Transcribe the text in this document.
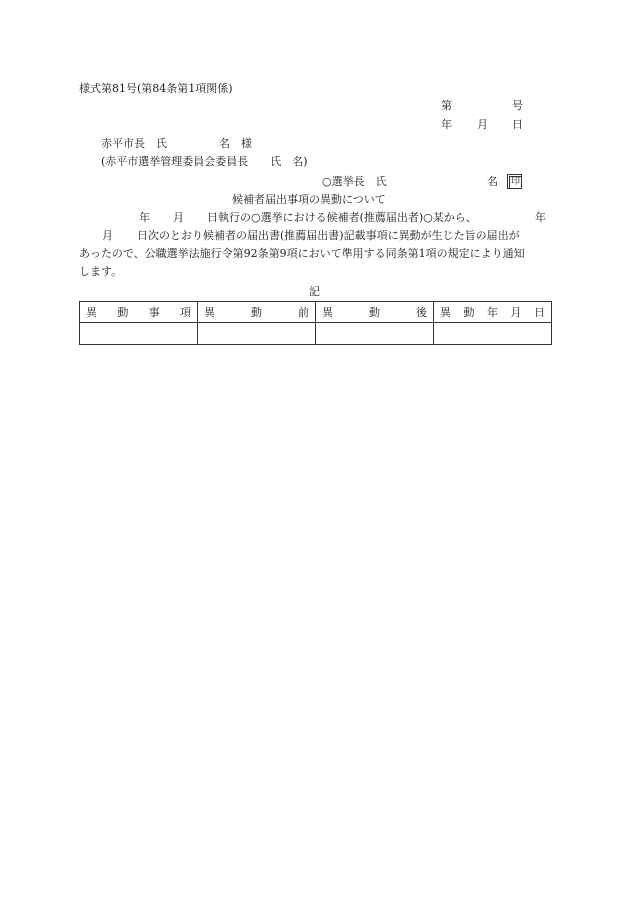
様式第81号(第84条第1項関係)

第	号

年 月 日

赤平市長　氏	名　様

(赤平市選挙管理委員会委員長　　氏　名)

○選挙長　氏	名 印

候補者届出事項の異動について

年 月 日執行の○選挙における候補者(推薦届出者)○某から、	年

月 日次のとおり候補者の届出書(推薦届出書)記載事項に異動が生じた旨の届出が

あったので、公職選挙法施行令第92条第9項において準用する同条第1項の規定により通知

します。

記

異 動 事 項	異 動 前	異 動 後	異 動 年 月 日
